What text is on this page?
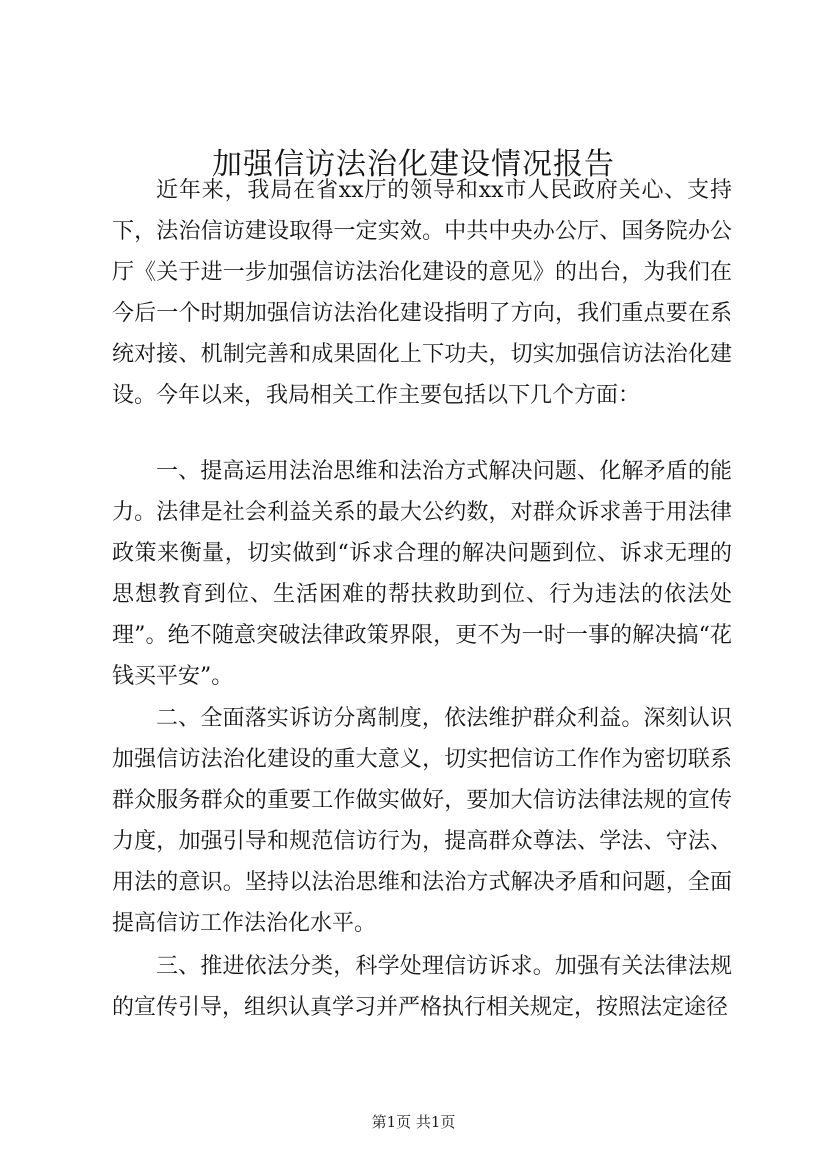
加强信访法治化建设情况报告

近年来，我局在省xx厅的领导和xx市人民政府关心、支持下，法治信访建设取得一定实效。中共中央办公厅、国务院办公厅《关于进一步加强信访法治化建设的意见》的出台，为我们在今后一个时期加强信访法治化建设指明了方向，我们重点要在系统对接、机制完善和成果固化上下功夫，切实加强信访法治化建设。今年以来，我局相关工作主要包括以下几个方面：

一、提高运用法治思维和法治方式解决问题、化解矛盾的能力。法律是社会利益关系的最大公约数，对群众诉求善于用法律政策来衡量，切实做到“诉求合理的解决问题到位、诉求无理的思想教育到位、生活困难的帮扶救助到位、行为违法的依法处理”。绝不随意突破法律政策界限，更不为一时一事的解决搞“花钱买平安”。

二、全面落实诉访分离制度，依法维护群众利益。深刻认识加强信访法治化建设的重大意义，切实把信访工作作为密切联系群众服务群众的重要工作做实做好，要加大信访法律法规的宣传力度，加强引导和规范信访行为，提高群众尊法、学法、守法、用法的意识。坚持以法治思维和法治方式解决矛盾和问题，全面提高信访工作法治化水平。

三、推进依法分类，科学处理信访诉求。加强有关法律法规的宣传引导，组织认真学习并严格执行相关规定，按照法定途径

第1页 共1页
